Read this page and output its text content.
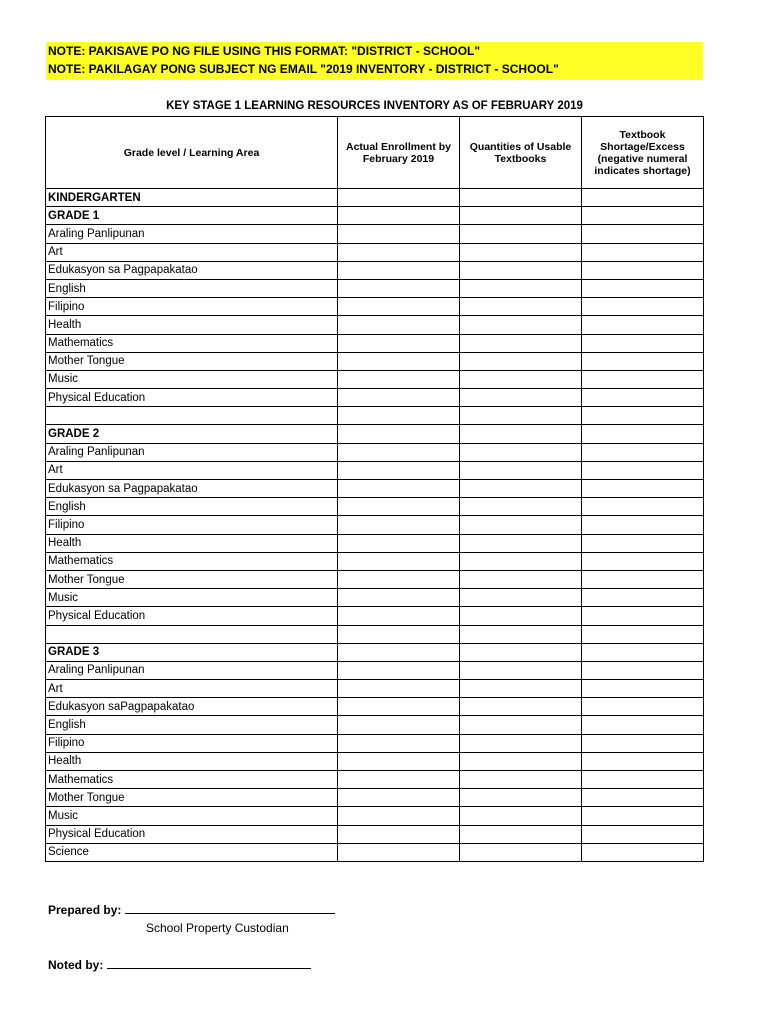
NOTE: PAKISAVE PO NG FILE USING THIS FORMAT: "DISTRICT - SCHOOL"
NOTE: PAKILAGAY PONG SUBJECT NG EMAIL "2019 INVENTORY - DISTRICT - SCHOOL"
KEY STAGE 1 LEARNING RESOURCES INVENTORY AS OF FEBRUARY 2019
Grade level / Learning Area	Actual Enrollment by February 2019	Quantities of Usable Textbooks	Textbook Shortage/Excess (negative numeral indicates shortage)
KINDERGARTEN			
GRADE 1			
Araling Panlipunan			
Art			
Edukasyon sa Pagpapakatao			
English			
Filipino			
Health			
Mathematics			
Mother Tongue			
Music			
Physical Education			

GRADE 2			
Araling Panlipunan			
Art			
Edukasyon sa Pagpapakatao			
English			
Filipino			
Health			
Mathematics			
Mother Tongue			
Music			
Physical Education			

GRADE 3			
Araling Panlipunan			
Art			
Edukasyon saPagpapakatao			
English			
Filipino			
Health			
Mathematics			
Mother Tongue			
Music			
Physical Education			
Science			
Prepared by:
School Property Custodian
Noted by:
